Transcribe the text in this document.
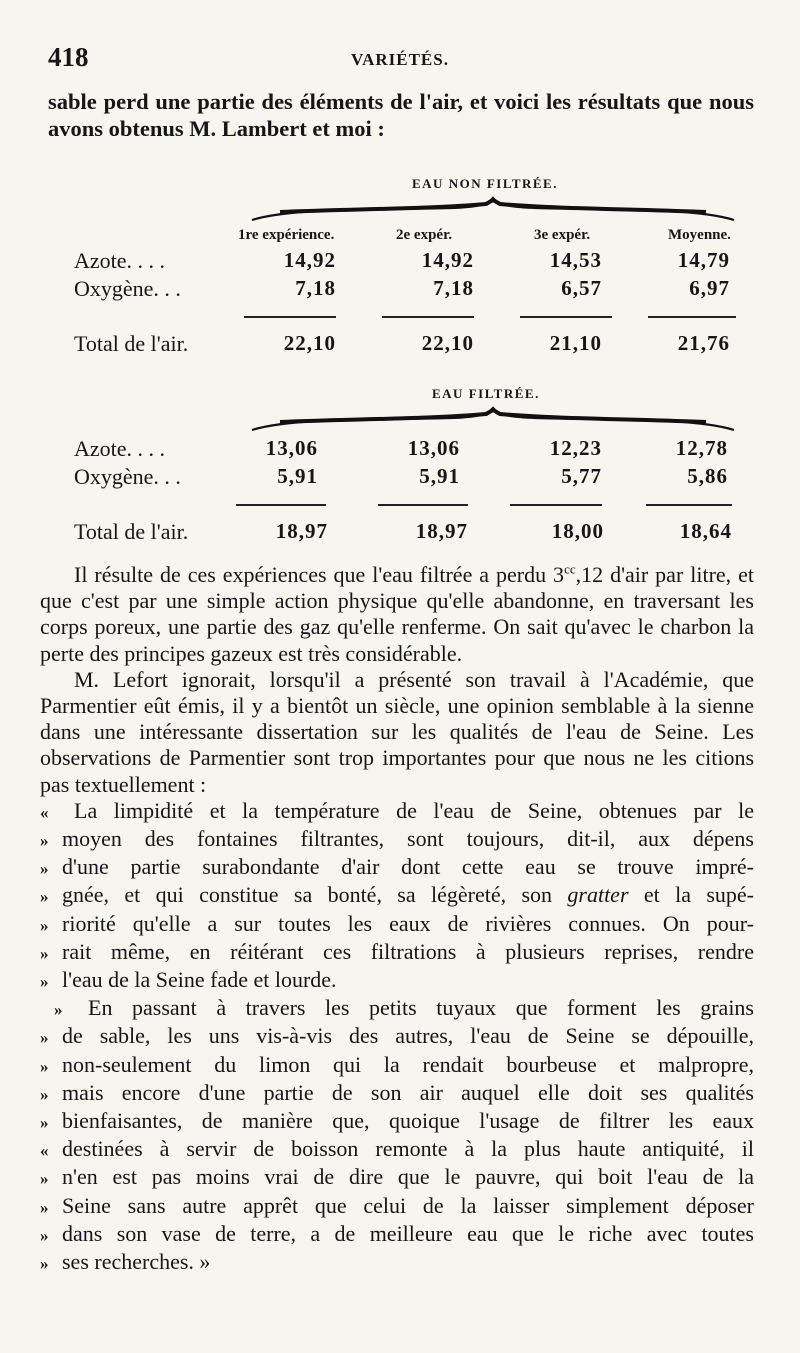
418	VARIÉTÉS.
sable perd une partie des éléments de l'air, et voici les résultats que nous avons obtenus M. Lambert et moi :
EAU NON FILTRÉE.
1re expérience.	2e expér.	3e expér.	Moyenne.
Azote. . . .	14,92	14,92	14,53	14,79
Oxygène. . .	7,18	7,18	6,57	6,97
Total de l'air.	22,10	22,10	21,10	21,76
EAU FILTRÉE.
Azote. . . .	13,06	13,06	12,23	12,78
Oxygène. . .	5,91	5,91	5,77	5,86
Total de l'air.	18,97	18,97	18,00	18,64

Il résulte de ces expériences que l'eau filtrée a perdu $3^{cc},12$ d'air par litre, et que c'est par une simple action physique qu'elle abandonne, en traversant les corps poreux, une partie des gaz qu'elle renferme. On sait qu'avec le charbon la perte des principes gazeux est très considérable.

M. Lefort ignorait, lorsqu'il a présenté son travail à l'Académie, que Parmentier eût émis, il y a bientôt un siècle, une opinion semblable à la sienne dans une intéressante dissertation sur les qualités de l'eau de Seine. Les observations de Parmentier sont trop importantes pour que nous ne les citions pas textuellement :

«	La limpidité et la température de l'eau de Seine, obtenues par le
» moyen des fontaines filtrantes, sont toujours, dit-il, aux dépens
» d'une partie surabondante d'air dont cette eau se trouve impré-
» gnée, et qui constitue sa bonté, sa légèreté, son gratter et la supé-
» riorité qu'elle a sur toutes les eaux de rivières connues. On pour-
» rait même, en réitérant ces filtrations à plusieurs reprises, rendre
» l'eau de la Seine fade et lourde.
»	En passant à travers les petits tuyaux que forment les grains
» de sable, les uns vis-à-vis des autres, l'eau de Seine se dépouille,
» non-seulement du limon qui la rendait bourbeuse et malpropre,
» mais encore d'une partie de son air auquel elle doit ses qualités
» bienfaisantes, de manière que, quoique l'usage de filtrer les eaux
« destinées à servir de boisson remonte à la plus haute antiquité, il
» n'en est pas moins vrai de dire que le pauvre, qui boit l'eau de la
» Seine sans autre apprêt que celui de la laisser simplement déposer
» dans son vase de terre, a de meilleure eau que le riche avec toutes
» ses recherches. »
